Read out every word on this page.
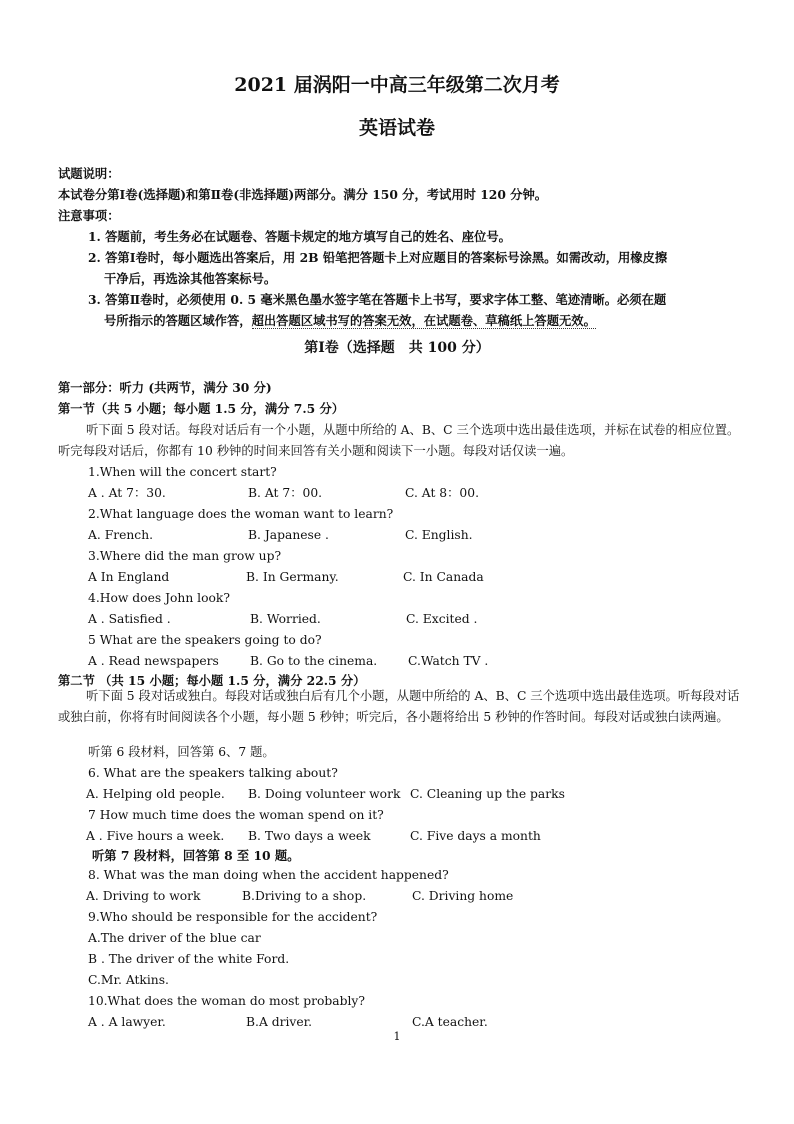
2021 届涡阳一中高三年级第二次月考
英语试卷
试题说明：
本试卷分第Ⅰ卷(选择题)和第Ⅱ卷(非选择题)两部分。满分 150 分，考试用时 120 分钟。
注意事项：
1. 答题前，考生务必在试题卷、答题卡规定的地方填写自己的姓名、座位号。
2. 答第Ⅰ卷时，每小题选出答案后，用 2B 铅笔把答题卡上对应题目的答案标号涂黑。如需改动，用橡皮擦
干净后，再选涂其他答案标号。
3. 答第Ⅱ卷时，必须使用 0. 5 毫米黑色墨水签字笔在答题卡上书写，要求字体工整、笔迹清晰。必须在题
号所指示的答题区域作答，超出答题区域书写的答案无效，在试题卷、草稿纸上答题无效。
第Ⅰ卷（选择题　共 100 分）
第一部分：听力 (共两节，满分 30 分)
第一节（共 5 小题；每小题 1.5 分，满分 7.5 分）
听下面 5 段对话。每段对话后有一个小题，从题中所给的 A、B、C 三个选项中选出最佳选项，并标在试卷的相应位置。听完每段对话后，你都有 10 秒钟的时间来回答有关小题和阅读下一小题。每段对话仅读一遍。
1.When will the concert start?
A . At 7：30.	B. At 7：00.	C. At 8：00.
2.What language does the woman want to learn?
A. French.	B. Japanese .	C. English.
3.Where did the man grow up?
A In England	B. In Germany.	C. In Canada
4.How does John look?
A . Satisfied .	B. Worried.	C. Excited .
5 What are the speakers going to do?
A . Read newspapers	B. Go to the cinema.	C.Watch TV .
第二节 （共 15 小题；每小题 1.5 分，满分 22.5 分）
听下面 5 段对话或独白。每段对话或独白后有几个小题，从题中所给的 A、B、C 三个选项中选出最佳选项。听每段对话或独白前，你将有时间阅读各个小题，每小题 5 秒钟；听完后，各小题将给出 5 秒钟的作答时间。每段对话或独白读两遍。
听第 6 段材料，回答第 6、7 题。
6. What are the speakers talking about?
A. Helping old people. B. Doing volunteer work C. Cleaning up the parks
7 How much time does the woman spend on it?
A . Five hours a week. B. Two days a week	C. Five days a month
听第 7 段材料，回答第 8 至 10 题。
8. What was the man doing when the accident happened?
A. Driving to work	B.Driving to a shop.	C. Driving home
9.Who should be responsible for the accident?
A.The driver of the blue car
B . The driver of the white Ford.
C.Mr. Atkins.
10.What does the woman do most probably?
A . A lawyer.	B.A driver.	C.A teacher.
1
